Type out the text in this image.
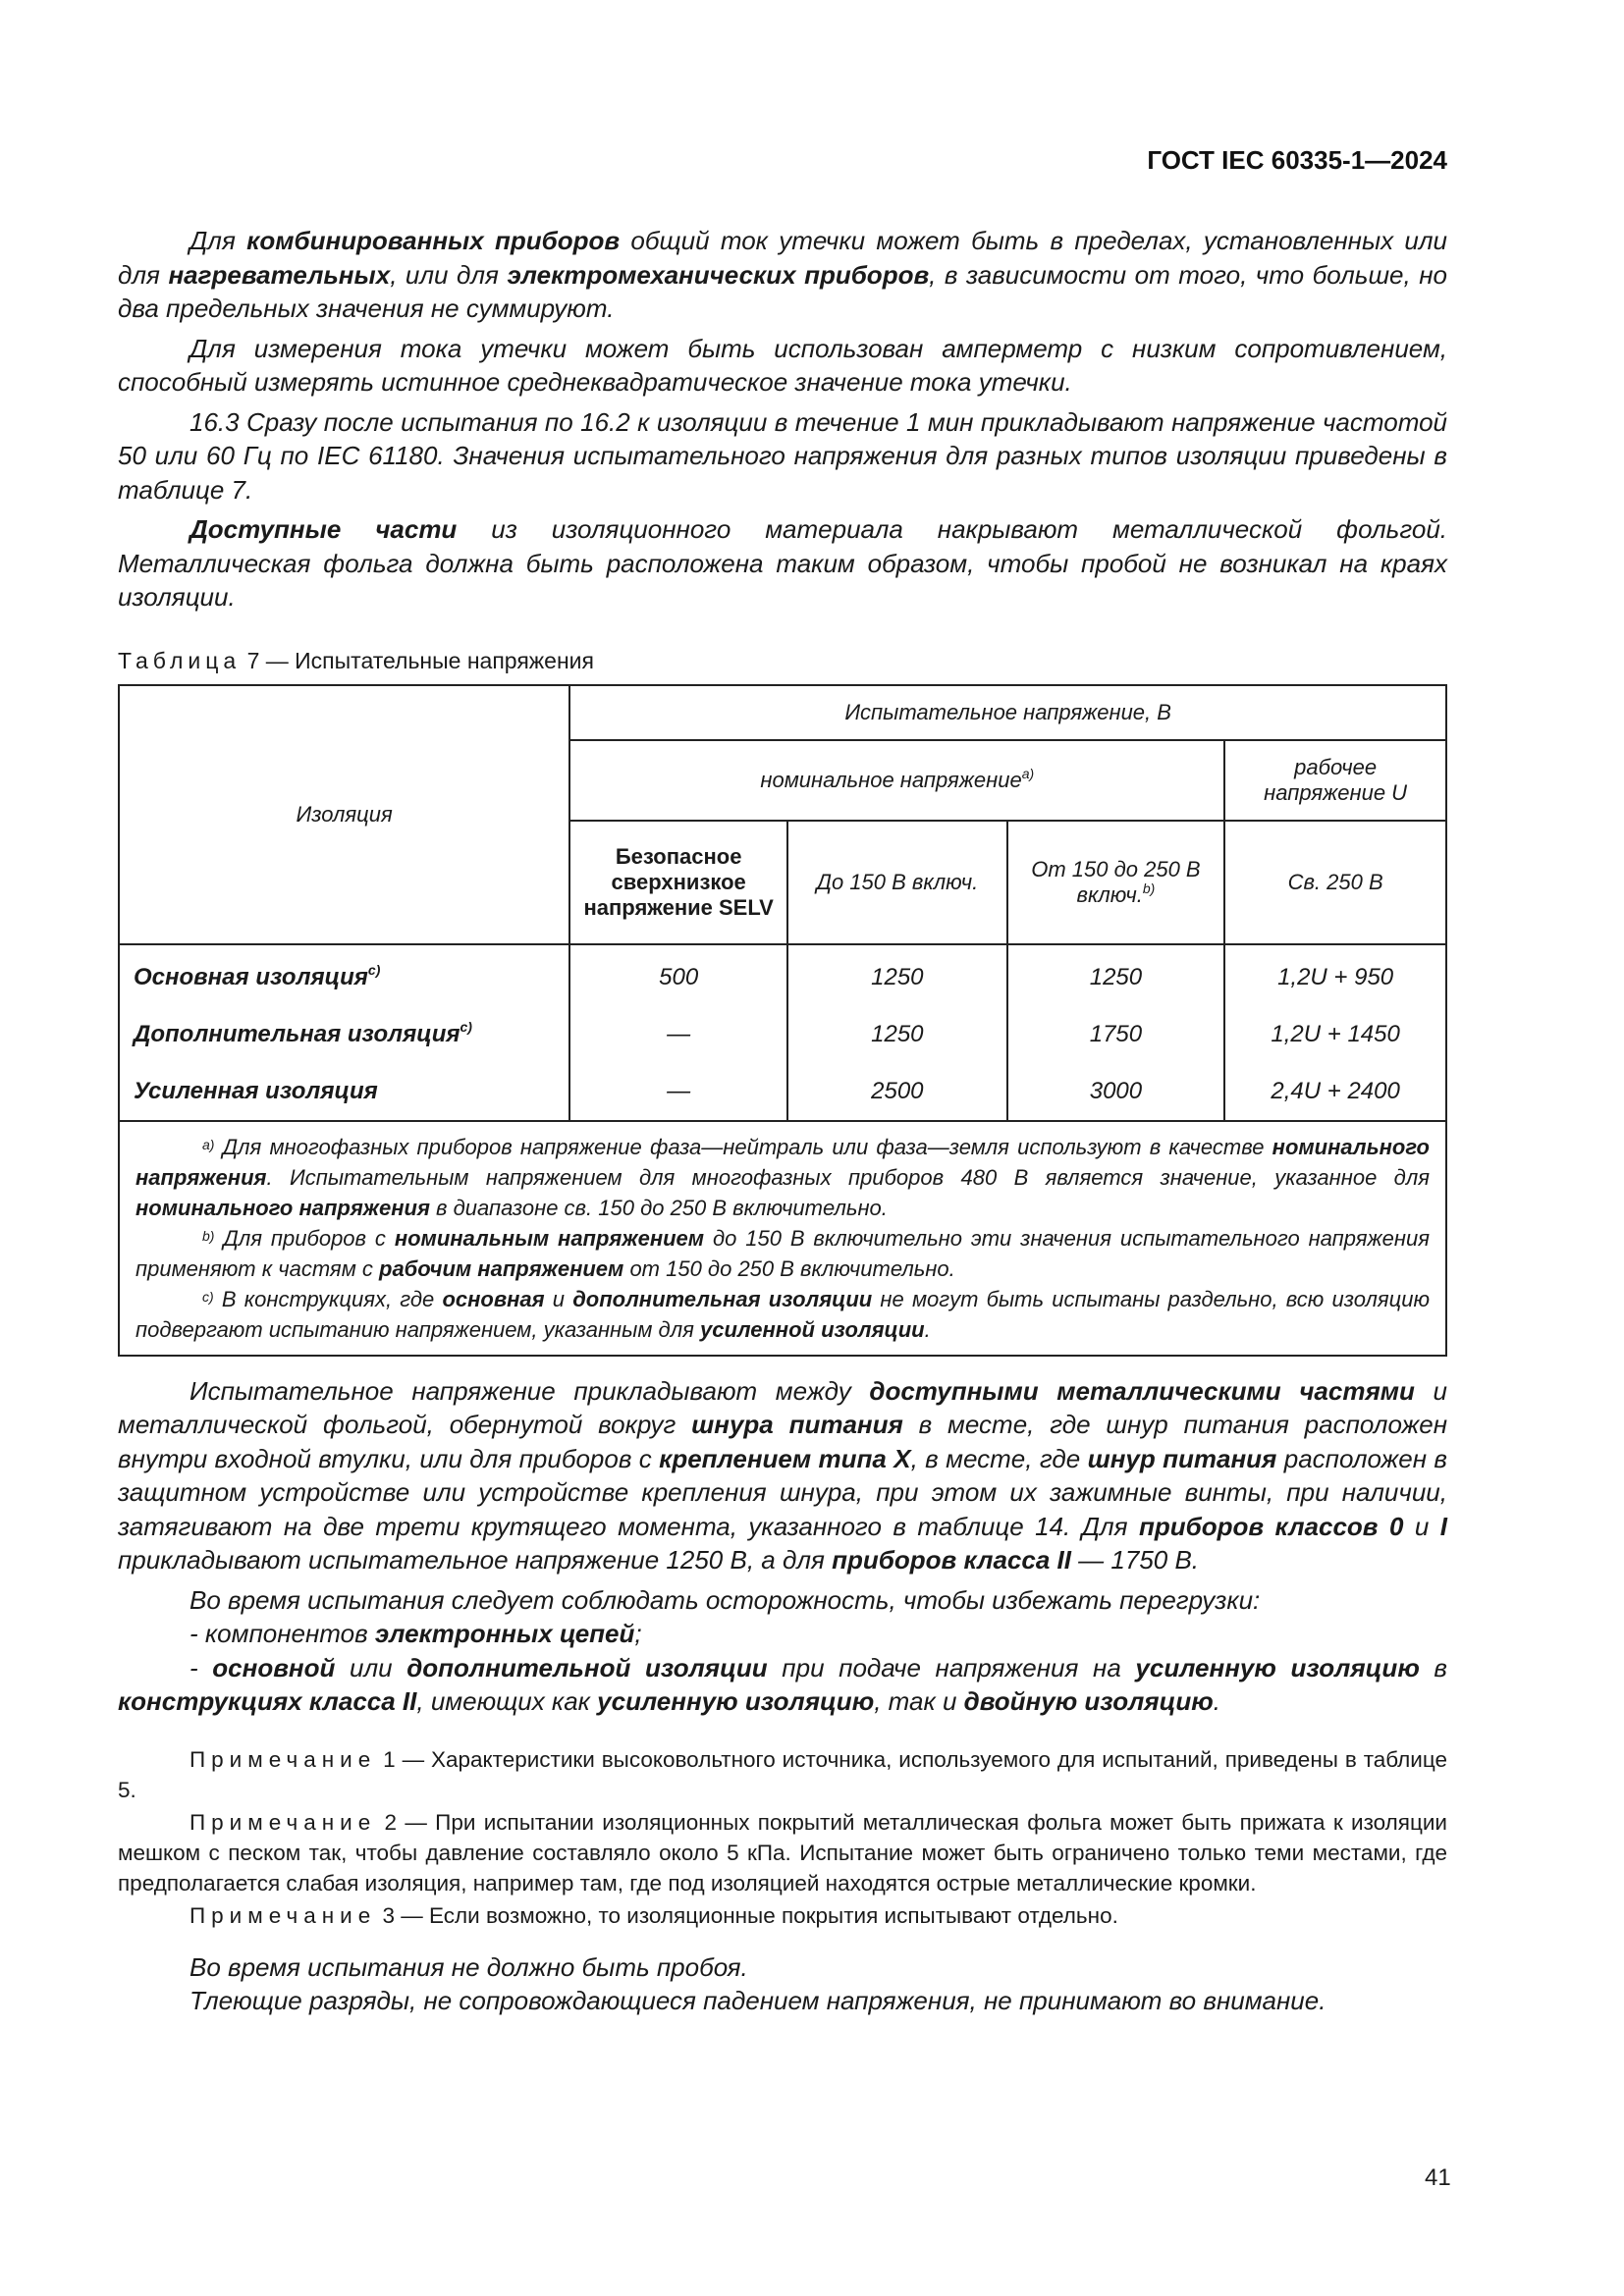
ГОСТ IEC 60335-1—2024

Для комбинированных приборов общий ток утечки может быть в пределах, установленных или для нагревательных, или для электромеханических приборов, в зависимости от того, что больше, но два предельных значения не суммируют.

Для измерения тока утечки может быть использован амперметр с низким сопротивлением, способный измерять истинное среднеквадратическое значение тока утечки.

16.3 Сразу после испытания по 16.2 к изоляции в течение 1 мин прикладывают напряжение частотой 50 или 60 Гц по IEC 61180. Значения испытательного напряжения для разных типов изоляции приведены в таблице 7.

Доступные части из изоляционного материала накрывают металлической фольгой. Металлическая фольга должна быть расположена таким образом, чтобы пробой не возникал на краях изоляции.

Таблица 7 — Испытательные напряжения
Изоляция	Испытательное напряжение, В			
	номинальное напряжение$^{a)}$			рабочее напряжение U
	Безопасное сверхнизкое напряжение SELV	До 150 В включ.	От 150 до 250 В включ.$^{b)}$	Св. 250 В
Основная изоляция$^{c)}$	500	1250	1250	1,2U + 950
Дополнительная изоляция$^{c)}$	—	1250	1750	1,2U + 1450
Усиленная изоляция	—	2500	3000	2,4U + 2400

$^{a)}$ Для многофазных приборов напряжение фаза—нейтраль или фаза—земля используют в качестве номинального напряжения. Испытательным напряжением для многофазных приборов 480 В является значение, указанное для номинального напряжения в диапазоне св. 150 до 250 В включительно.
$^{b)}$ Для приборов с номинальным напряжением до 150 В включительно эти значения испытательного напряжения применяют к частям с рабочим напряжением от 150 до 250 В включительно.
$^{c)}$ В конструкциях, где основная и дополнительная изоляции не могут быть испытаны раздельно, всю изоляцию подвергают испытанию напряжением, указанным для усиленной изоляции.				

Испытательное напряжение прикладывают между доступными металлическими частями и металлической фольгой, обернутой вокруг шнура питания в месте, где шнур питания расположен внутри входной втулки, или для приборов с креплением типа X, в месте, где шнур питания расположен в защитном устройстве или устройстве крепления шнура, при этом их зажимные винты, при наличии, затягивают на две трети крутящего момента, указанного в таблице 14. Для приборов классов 0 и I прикладывают испытательное напряжение 1250 В, а для приборов класса II — 1750 В.

Во время испытания следует соблюдать осторожность, чтобы избежать перегрузки:

- компонентов электронных цепей;

- основной или дополнительной изоляции при подаче напряжения на усиленную изоляцию в конструкциях класса II, имеющих как усиленную изоляцию, так и двойную изоляцию.

Примечание 1 — Характеристики высоковольтного источника, используемого для испытаний, приведены в таблице 5.

Примечание 2 — При испытании изоляционных покрытий металлическая фольга может быть прижата к изоляции мешком с песком так, чтобы давление составляло около 5 кПа. Испытание может быть ограничено только теми местами, где предполагается слабая изоляция, например там, где под изоляцией находятся острые металлические кромки.

Примечание 3 — Если возможно, то изоляционные покрытия испытывают отдельно.

Во время испытания не должно быть пробоя.

Тлеющие разряды, не сопровождающиеся падением напряжения, не принимают во внимание.

41
